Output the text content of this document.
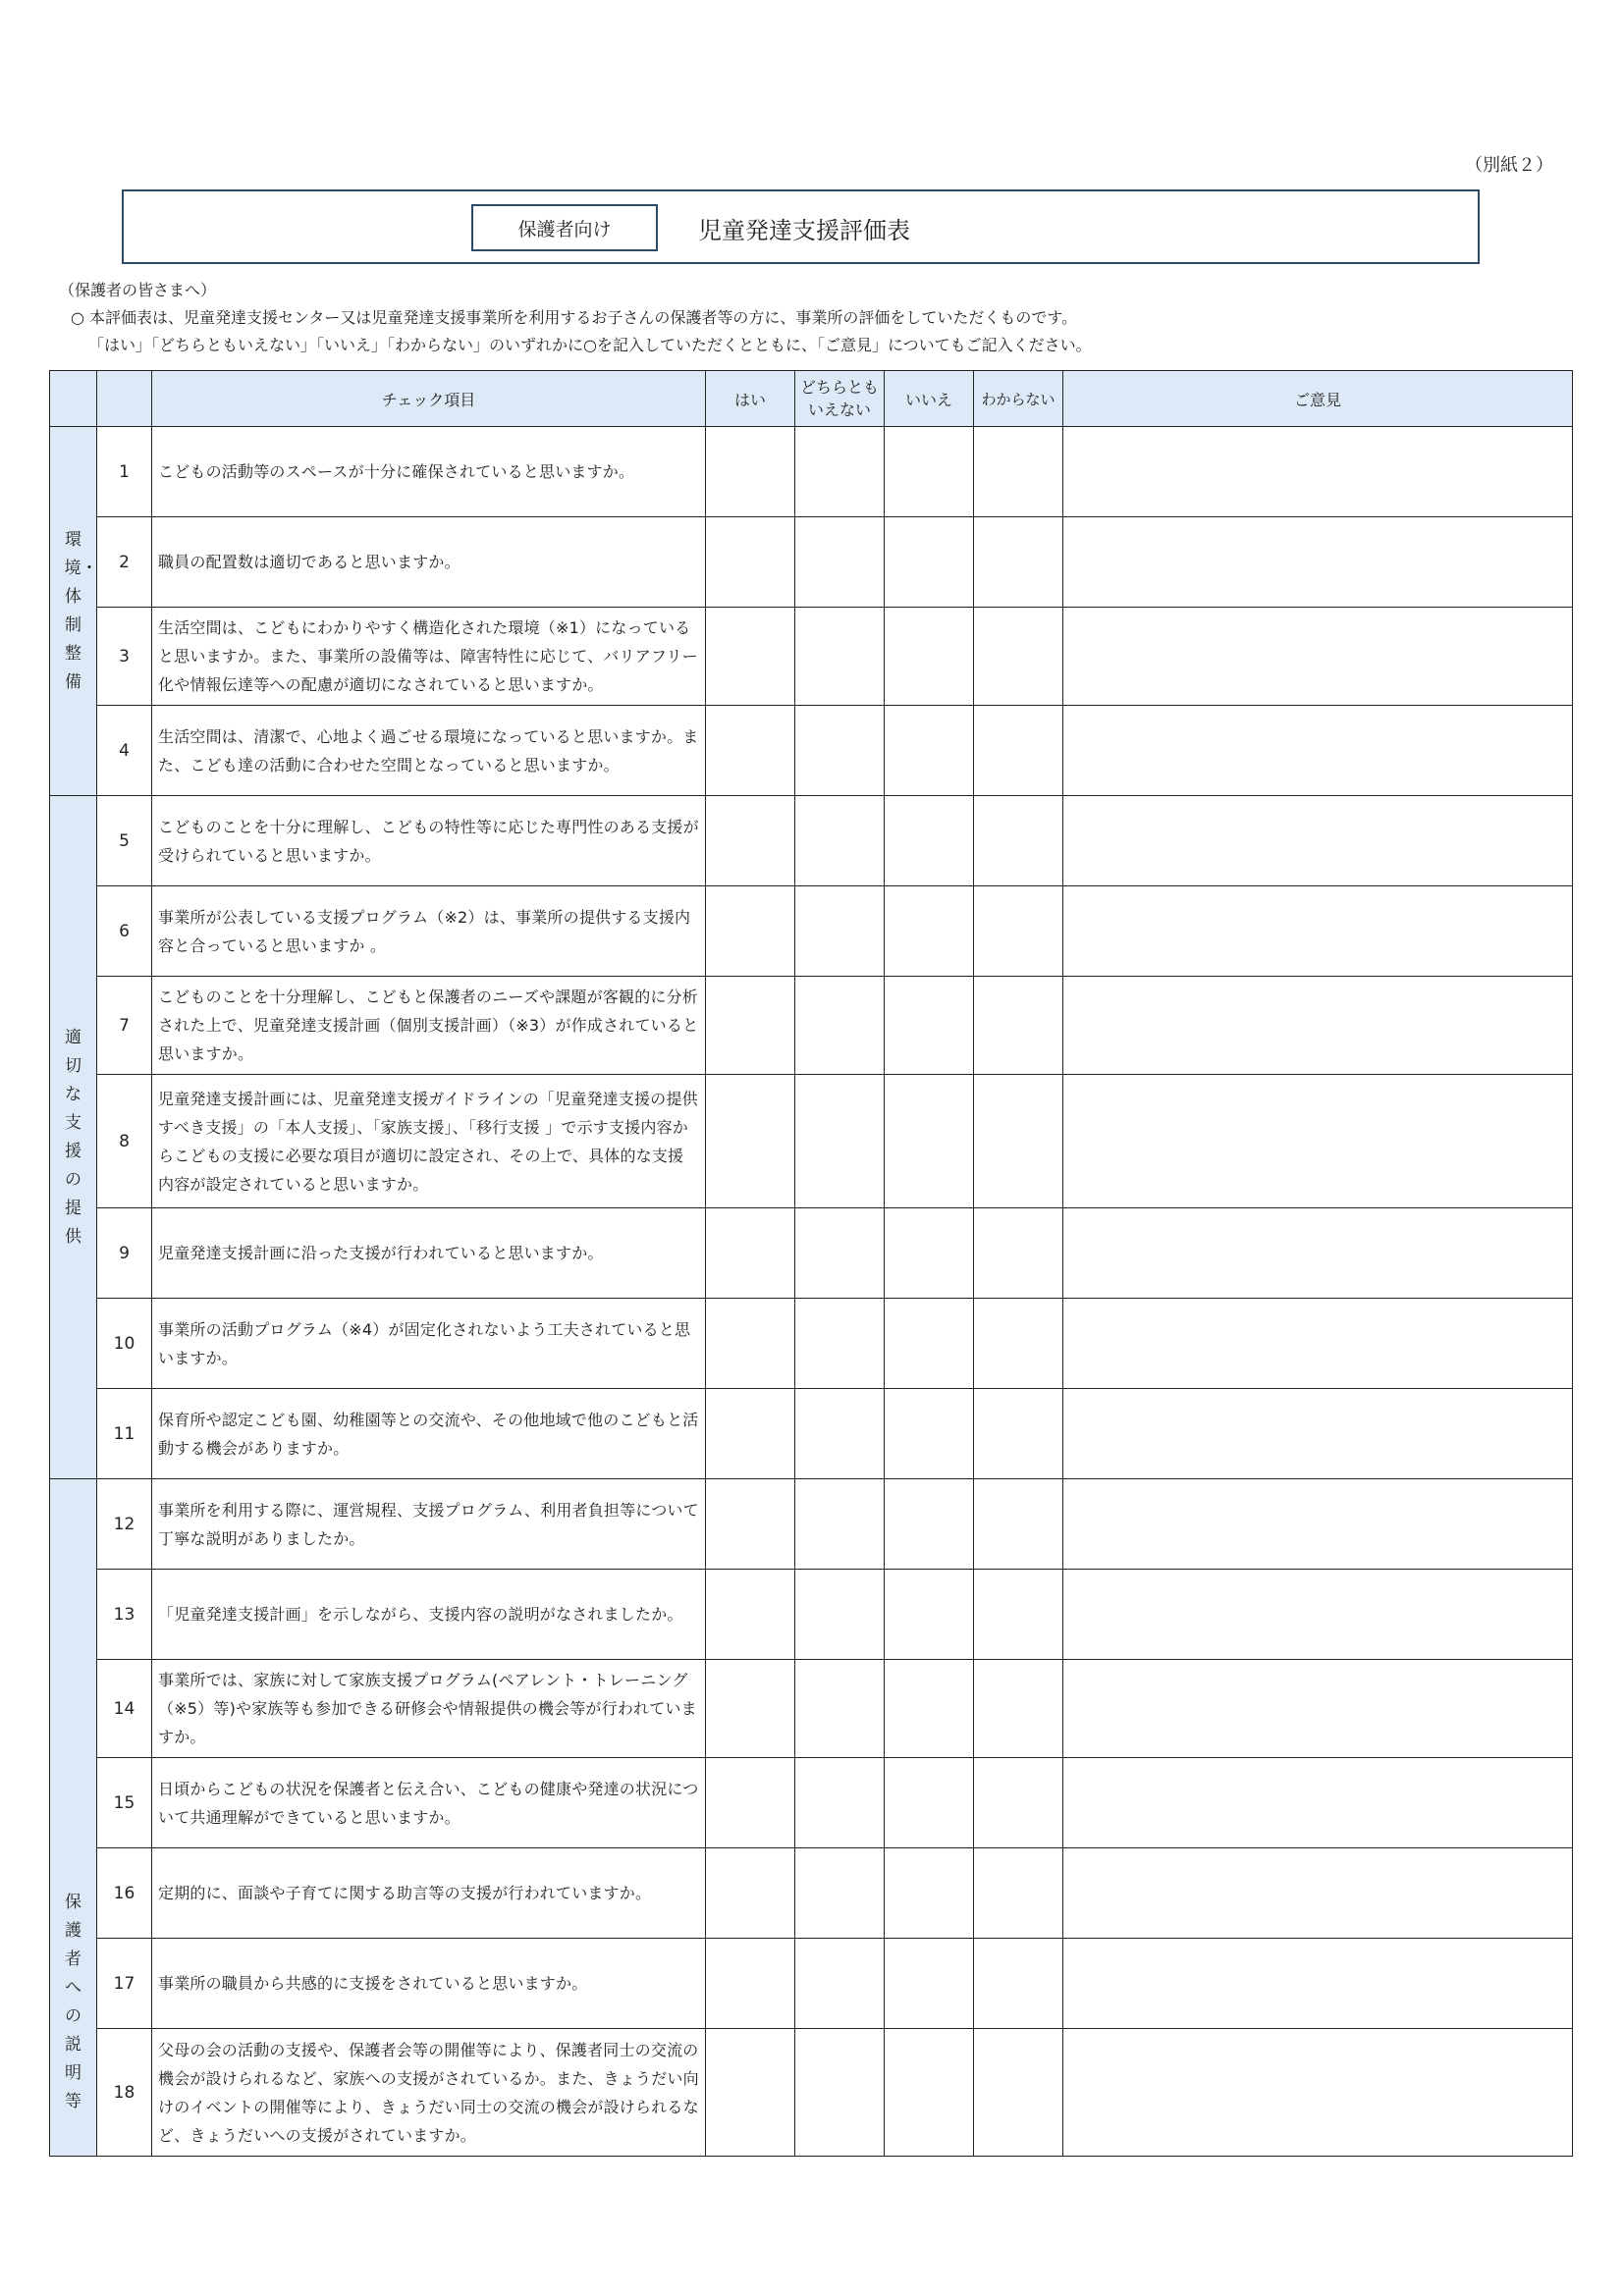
（別紙２）
保護者向け	児童発達支援評価表
（保護者の皆さまへ）
○ 本評価表は、児童発達支援センター又は児童発達支援事業所を利用するお子さんの保護者等の方に、事業所の評価をしていただくものです。
「はい」「どちらともいえない」「いいえ」「わからない」のいずれかに○を記入していただくとともに、「ご意見」についてもご記入ください。
		チェック項目	はい	どちらとも
いえない	いいえ	わからない	ご意見
環境・体制整備	1	こどもの活動等のスペースが十分に確保されていると思いますか。					
	2	職員の配置数は適切であると思いますか。					
	3	生活空間は、こどもにわかりやすく構造化された環境（※1）になっていると思いますか。また、事業所の設備等は、障害特性に応じて、バリアフリー化や情報伝達等への配慮が適切になされていると思いますか。					
	4	生活空間は、清潔で、心地よく過ごせる環境になっていると思いますか。また、こども達の活動に合わせた空間となっていると思いますか。					
適切な支援の提供	5	こどものことを十分に理解し、こどもの特性等に応じた専門性のある支援が受けられていると思いますか。					
	6	事業所が公表している支援プログラム（※2）は、事業所の提供する支援内容と合っていると思いますか 。					
	7	こどものことを十分理解し、こどもと保護者のニーズや課題が客観的に分析された上で、児童発達支援計画（個別支援計画）（※3）が作成されていると思いますか。					
	8	児童発達支援計画には、児童発達支援ガイドラインの「児童発達支援の提供すべき支援」の「本人支援」、「家族支援」、「移行支援 」で示す支援内容からこどもの支援に必要な項目が適切に設定され、その上で、具体的な支援内容が設定されていると思いますか。					
	9	児童発達支援計画に沿った支援が行われていると思いますか。					
	10	事業所の活動プログラム（※4）が固定化されないよう工夫されていると思いますか。					
	11	保育所や認定こども園、幼稚園等との交流や、その他地域で他のこどもと活動する機会がありますか。					
保護者への説明等	12	事業所を利用する際に、運営規程、支援プログラム、利用者負担等について丁寧な説明がありましたか。					
	13	「児童発達支援計画」を示しながら、支援内容の説明がなされましたか。					
	14	事業所では、家族に対して家族支援プログラム(ペアレント・トレーニング（※5）等)や家族等も参加できる研修会や情報提供の機会等が行われていますか。					
	15	日頃からこどもの状況を保護者と伝え合い、こどもの健康や発達の状況について共通理解ができていると思いますか。					
	16	定期的に、面談や子育てに関する助言等の支援が行われていますか。					
	17	事業所の職員から共感的に支援をされていると思いますか。					
	18	父母の会の活動の支援や、保護者会等の開催等により、保護者同士の交流の機会が設けられるなど、家族への支援がされているか。また、きょうだい向けのイベントの開催等により、きょうだい同士の交流の機会が設けられるなど、きょうだいへの支援がされていますか。					
